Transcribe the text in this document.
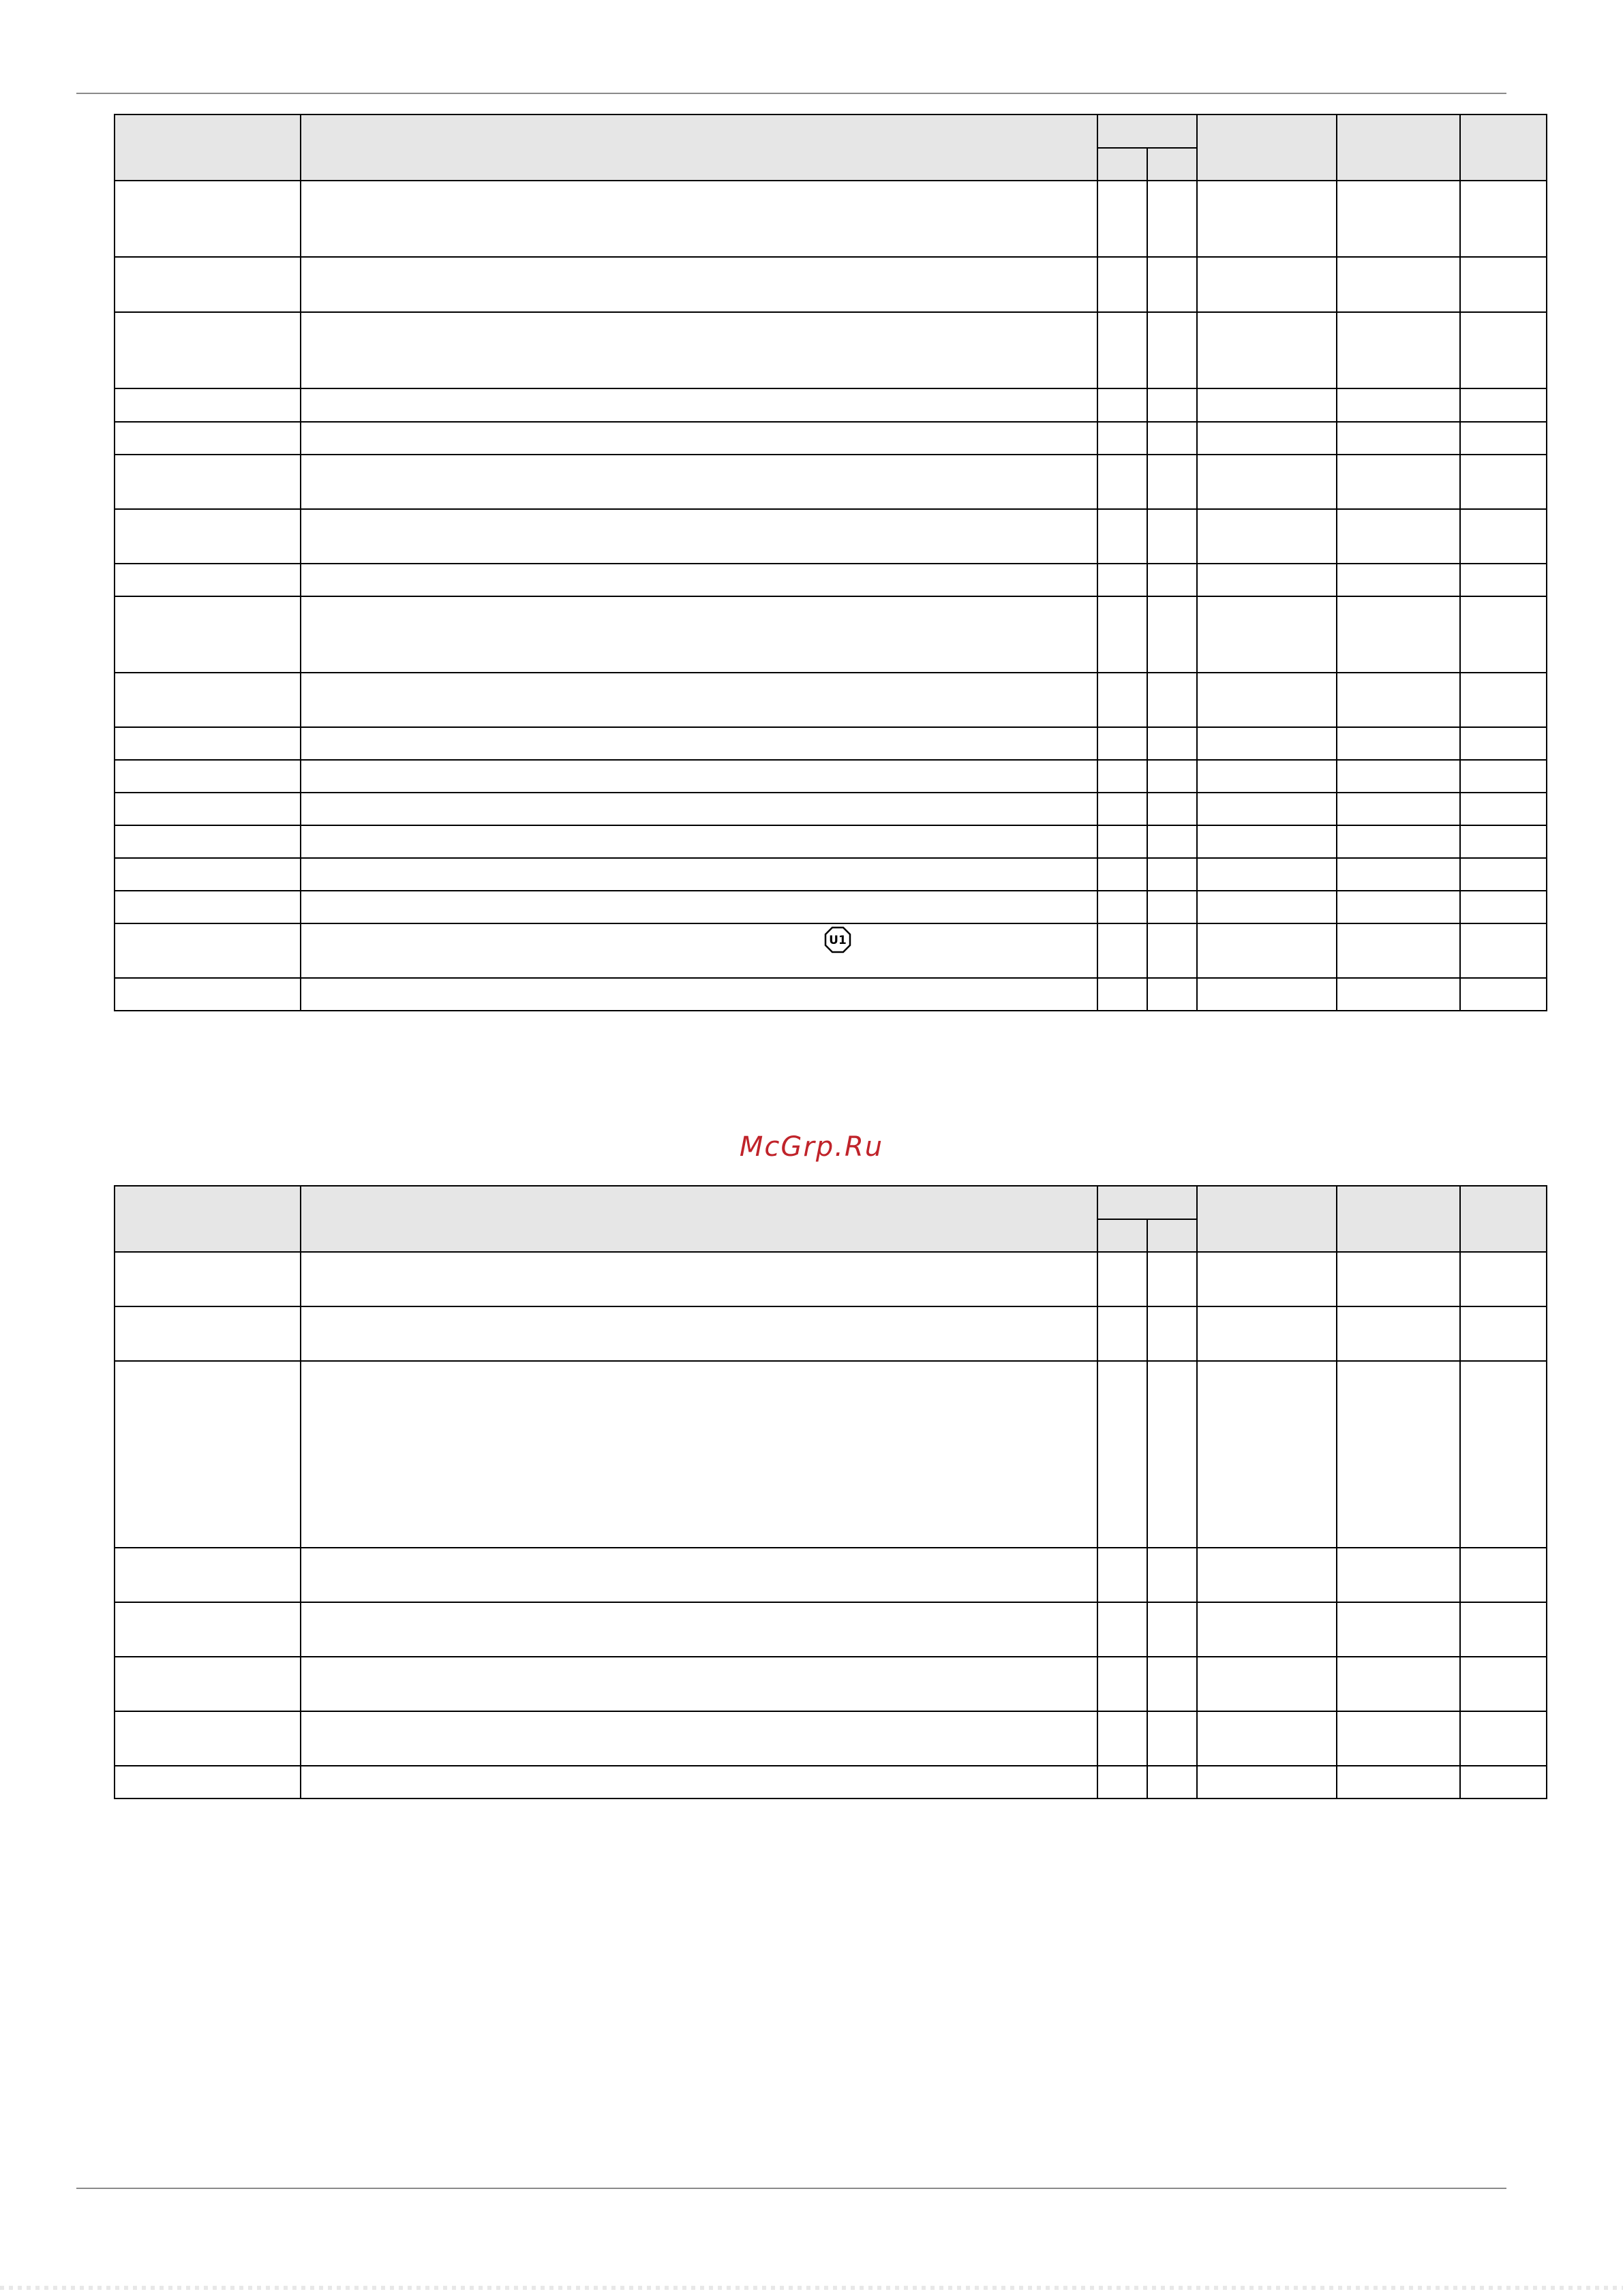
U1
McGrp.Ru
